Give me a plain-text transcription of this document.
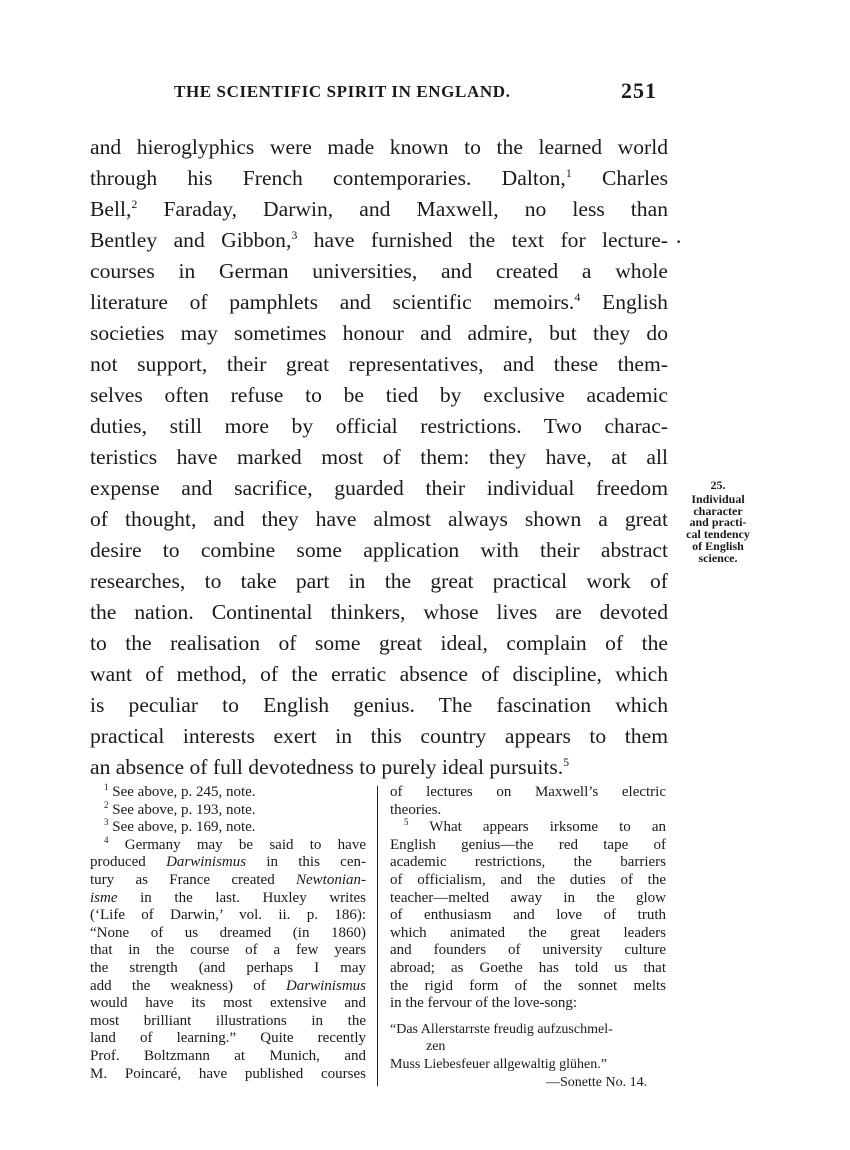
THE SCIENTIFIC SPIRIT IN ENGLAND.	251
and hieroglyphics were made known to the learned world
through his French contemporaries. Dalton,$^1$ Charles
Bell,$^2$ Faraday, Darwin, and Maxwell, no less than
Bentley and Gibbon,$^3$ have furnished the text for lecture-
courses in German universities, and created a whole
literature of pamphlets and scientific memoirs.$^4$ English
societies may sometimes honour and admire, but they do
not support, their great representatives, and these them-
selves often refuse to be tied by exclusive academic
duties, still more by official restrictions. Two charac-
teristics have marked most of them: they have, at all
expense and sacrifice, guarded their individual freedom
of thought, and they have almost always shown a great
desire to combine some application with their abstract
researches, to take part in the great practical work of
the nation. Continental thinkers, whose lives are devoted
to the realisation of some great ideal, complain of the
want of method, of the erratic absence of discipline, which
is peculiar to English genius. The fascination which
practical interests exert in this country appears to them
an absence of full devotedness to purely ideal pursuits.$^5$
·
25.
Individual
character
and practi-
cal tendency
of English
science.
$^1$ See above, p. 245, note.
$^2$ See above, p. 193, note.
$^3$ See above, p. 169, note.
$^4$ Germany may be said to have
produced Darwinismus in this cen-
tury as France created Newtonian-
isme in the last. Huxley writes
(‘Life of Darwin,’ vol. ii. p. 186):
“None of us dreamed (in 1860)
that in the course of a few years
the strength (and perhaps I may
add the weakness) of Darwinismus
would have its most extensive and
most brilliant illustrations in the
land of learning.” Quite recently
Prof. Boltzmann at Munich, and
M. Poincaré, have published courses
of lectures on Maxwell’s electric
theories.
$^5$ What appears irksome to an
English genius—the red tape of
academic restrictions, the barriers
of officialism, and the duties of the
teacher—melted away in the glow
of enthusiasm and love of truth
which animated the great leaders
and founders of university culture
abroad; as Goethe has told us that
the rigid form of the sonnet melts
in the fervour of the love-song:
“Das Allerstarrste freudig aufzuschmel-
zen
Muss Liebesfeuer allgewaltig glühen.”
—Sonette No. 14.
